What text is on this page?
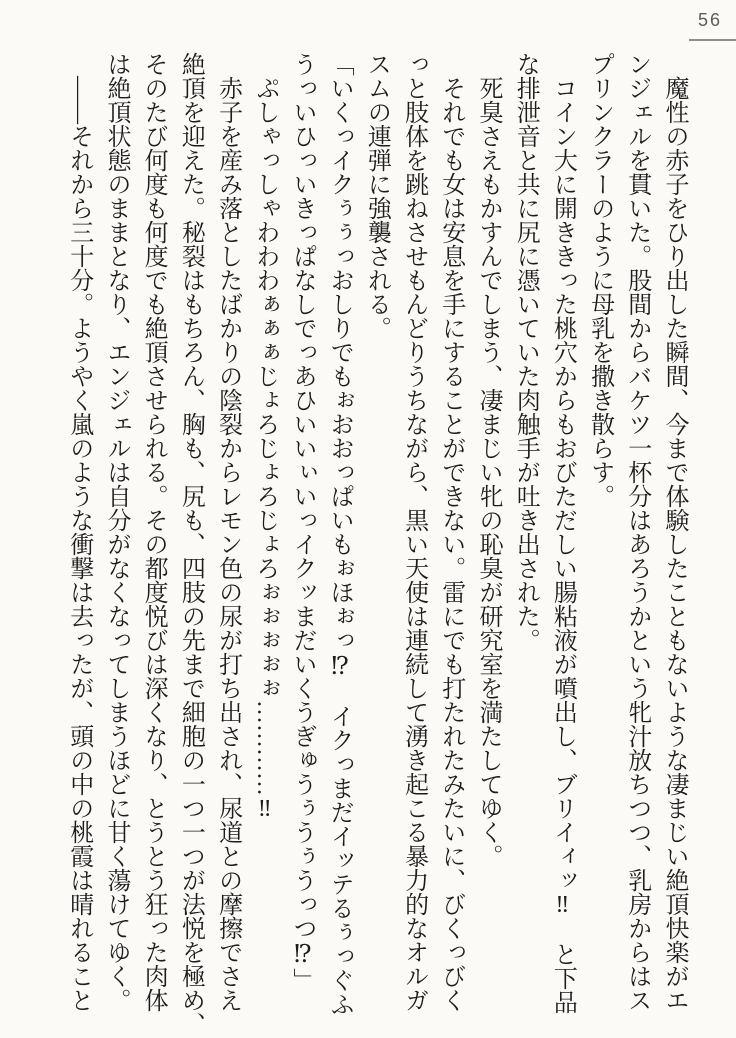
56
魔性の赤子をひり出した瞬間、今まで体験したこともないような凄まじい絶頂快楽がエ
ンジェルを貫いた。股間からバケツ一杯分はあろうかという牝汁放ちつつ、乳房からはス
プリンクラーのように母乳を撒き散らす。
コイン大に開ききった桃穴からもおびただしい腸粘液が噴出し、ブリイィッ‼　と下品
な排泄音と共に尻に憑いていた肉触手が吐き出された。
死臭さえもかすんでしまう、凄まじい牝の恥臭が研究室を満たしてゆく。
それでも女は安息を手にすることができない。雷にでも打たれたみたいに、びくっびく
っと肢体を跳ねさせもんどりうちながら、黒い天使は連続して湧き起こる暴力的なオルガ
スムの連弾に強襲される。
「いくっイクぅぅっおしりでもぉおおっぱいもぉほぉっ⁉　イクっまだイッテるぅっぐふ
うっいひっいきっぱなしでっあひいいぃいっイクッまだいくうぎゅうぅうぅうっつ⁉」
ぷしゃっしゃわわわぁぁぁじょろじょろじょろぉぉぉぉぉ…………‼
赤子を産み落としたばかりの陰裂からレモン色の尿が打ち出され、尿道との摩擦でさえ
絶頂を迎えた。秘裂はもちろん、胸も、尻も、四肢の先まで細胞の一つ一つが法悦を極め、
そのたび何度も何度でも絶頂させられる。その都度悦びは深くなり、とうとう狂った肉体
は絶頂状態のままとなり、エンジェルは自分がなくなってしまうほどに甘く蕩けてゆく。
――それから三十分。ようやく嵐のような衝撃は去ったが、頭の中の桃霞は晴れること
